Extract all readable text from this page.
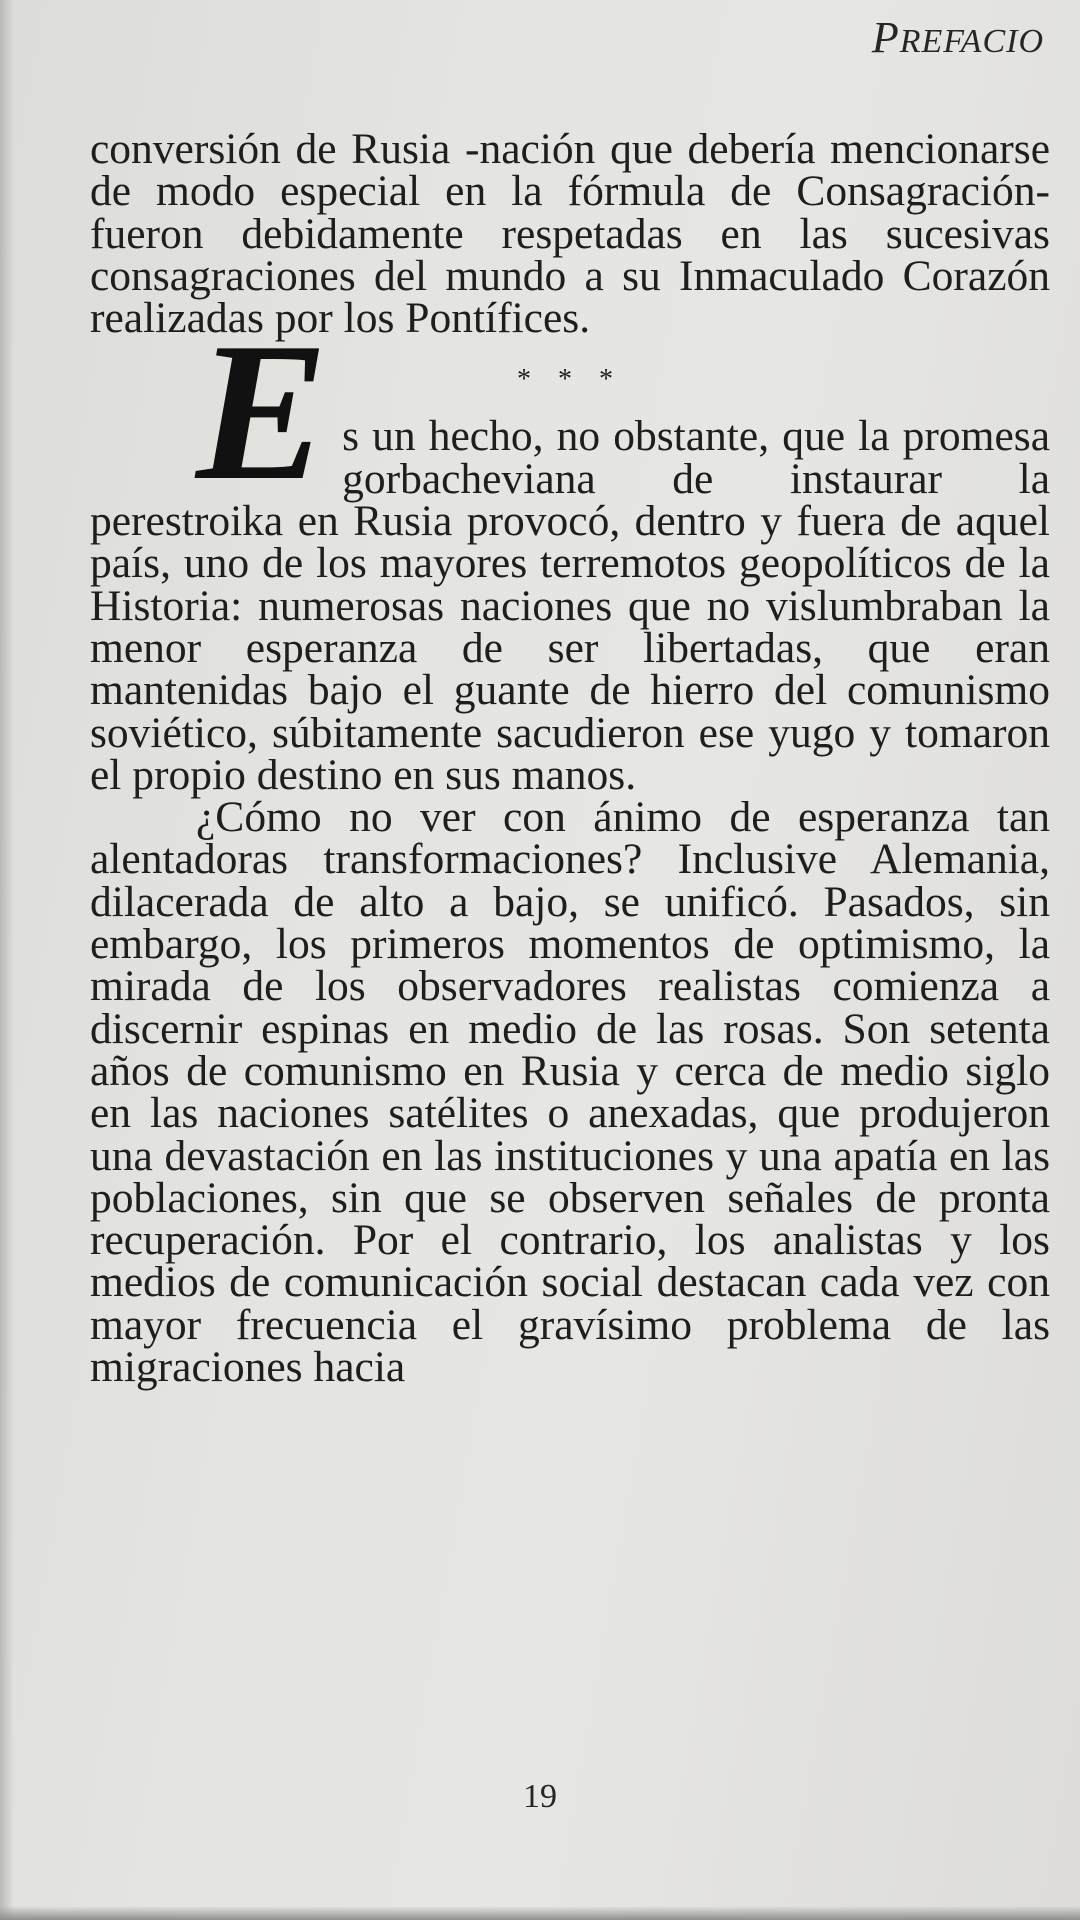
PREFACIO

conversión de Rusia -nación que debería mencionarse de modo especial en la fórmula de Consagración- fueron debidamente respetadas en las sucesivas consagraciones del mundo a su Inmaculado Corazón realizadas por los Pontífices.

* * *

Es un hecho, no obstante, que la promesa gorbacheviana de instaurar la perestroika en Rusia provocó, dentro y fuera de aquel país, uno de los mayores terremotos geopolíticos de la Historia: numerosas naciones que no vislumbraban la menor esperanza de ser libertadas, que eran mantenidas bajo el guante de hierro del comunismo soviético, súbitamente sacudieron ese yugo y tomaron el propio destino en sus manos.

¿Cómo no ver con ánimo de esperanza tan alentadoras transformaciones? Inclusive Alemania, dilacerada de alto a bajo, se unificó. Pasados, sin embargo, los primeros momentos de optimismo, la mirada de los observadores realistas comienza a discernir espinas en medio de las rosas. Son setenta años de comunismo en Rusia y cerca de medio siglo en las naciones satélites o anexadas, que produjeron una devastación en las instituciones y una apatía en las poblaciones, sin que se observen señales de pronta recuperación. Por el contrario, los analistas y los medios de comunicación social destacan cada vez con mayor frecuencia el gravísimo problema de las migraciones hacia

19
